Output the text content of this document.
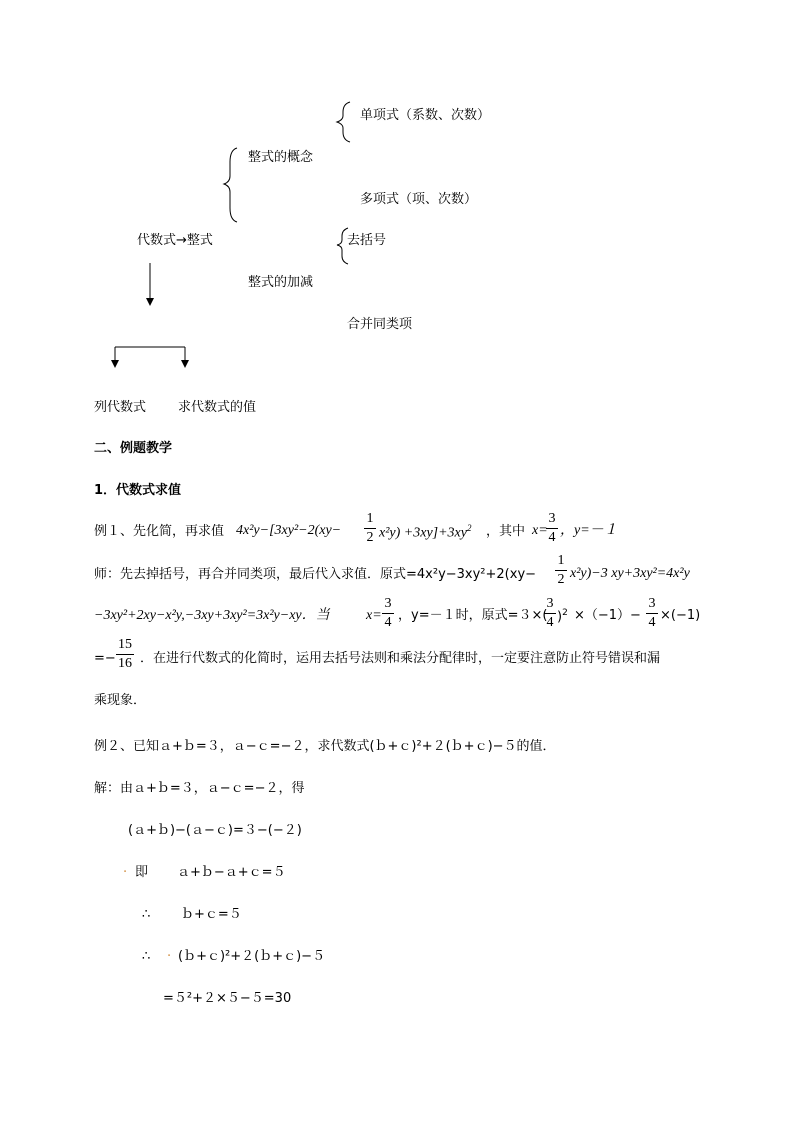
单项式（系数、次数）
整式的概念
多项式（项、次数）
代数式→整式	去括号
整式的加减
合并同类项
列代数式 求代数式的值
二、例题教学
1．代数式求值
例１、先化简，再求值 4x²y−[3xy²−2(xy−
1
2 $x^2y) +3xy]+3xy^2$ ，其中 x=
3
4 ，y=－１
师：先去掉括号，再合并同类项，最后代入求值．原式=4x²y−3xy²+2(xy−
1
2 x²y)−3 xy+3xy²=4x²y
−3xy²+2xy−x²y,−3xy+3xy²=3x²y−xy．当	x=
3
4 ，y=－１时，原式=３×(
3
4 )$^2$ ×（−1）−
3
4 ×(−1)
=−
15
16 ．在进行代数式的化简时，运用去括号法则和乘法分配律时，一定要注意防止符号错误和漏
乘现象．
例２、已知ａ+ｂ=３，ａ−ｃ=−２，求代数式(ｂ+ｃ)²+２(ｂ+ｃ)−５的值．
解：由ａ+ｂ=３，ａ−ｃ=−２，得
(ａ+ｂ)−(ａ−ｃ)=３−(−２)
· 即 ａ+ｂ−ａ+ｃ=５
∴ ｂ+ｃ=５
∴ · (ｂ+ｃ)²+２(ｂ+ｃ)−５
=５²+２×５−５=30
